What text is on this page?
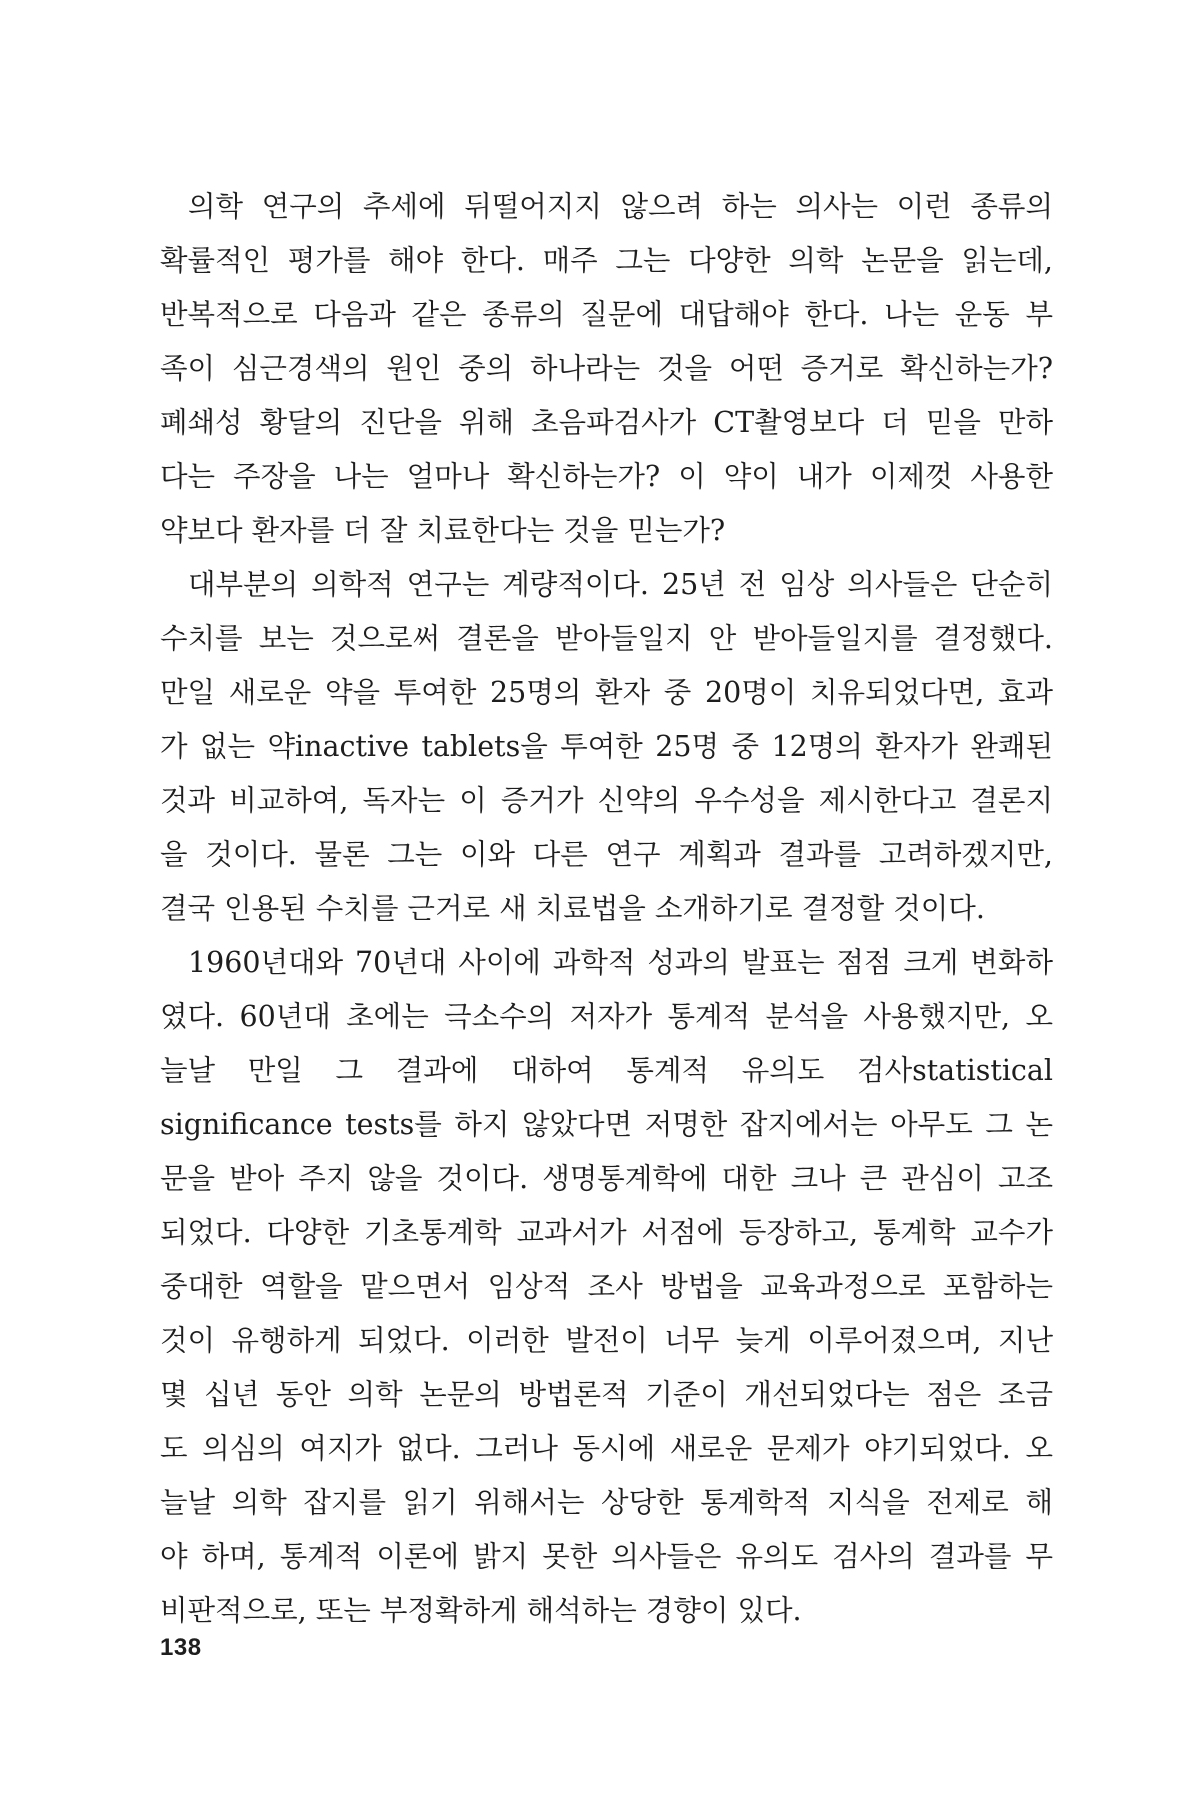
의학 연구의 추세에 뒤떨어지지 않으려 하는 의사는 이런 종류의
확률적인 평가를 해야 한다. 매주 그는 다양한 의학 논문을 읽는데,
반복적으로 다음과 같은 종류의 질문에 대답해야 한다. 나는 운동 부
족이 심근경색의 원인 중의 하나라는 것을 어떤 증거로 확신하는가?
폐쇄성 황달의 진단을 위해 초음파검사가 CT촬영보다 더 믿을 만하
다는 주장을 나는 얼마나 확신하는가? 이 약이 내가 이제껏 사용한
약보다 환자를 더 잘 치료한다는 것을 믿는가?
대부분의 의학적 연구는 계량적이다. 25년 전 임상 의사들은 단순히
수치를 보는 것으로써 결론을 받아들일지 안 받아들일지를 결정했다.
만일 새로운 약을 투여한 25명의 환자 중 20명이 치유되었다면, 효과
가 없는 약inactive tablets을 투여한 25명 중 12명의 환자가 완쾌된
것과 비교하여, 독자는 이 증거가 신약의 우수성을 제시한다고 결론지
을 것이다. 물론 그는 이와 다른 연구 계획과 결과를 고려하겠지만,
결국 인용된 수치를 근거로 새 치료법을 소개하기로 결정할 것이다.
1960년대와 70년대 사이에 과학적 성과의 발표는 점점 크게 변화하
였다. 60년대 초에는 극소수의 저자가 통계적 분석을 사용했지만, 오
늘날 만일 그 결과에 대하여 통계적 유의도 검사statistical
significance tests를 하지 않았다면 저명한 잡지에서는 아무도 그 논
문을 받아 주지 않을 것이다. 생명통계학에 대한 크나 큰 관심이 고조
되었다. 다양한 기초통계학 교과서가 서점에 등장하고, 통계학 교수가
중대한 역할을 맡으면서 임상적 조사 방법을 교육과정으로 포함하는
것이 유행하게 되었다. 이러한 발전이 너무 늦게 이루어졌으며, 지난
몇 십년 동안 의학 논문의 방법론적 기준이 개선되었다는 점은 조금
도 의심의 여지가 없다. 그러나 동시에 새로운 문제가 야기되었다. 오
늘날 의학 잡지를 읽기 위해서는 상당한 통계학적 지식을 전제로 해
야 하며, 통계적 이론에 밝지 못한 의사들은 유의도 검사의 결과를 무
비판적으로, 또는 부정확하게 해석하는 경향이 있다.
138
